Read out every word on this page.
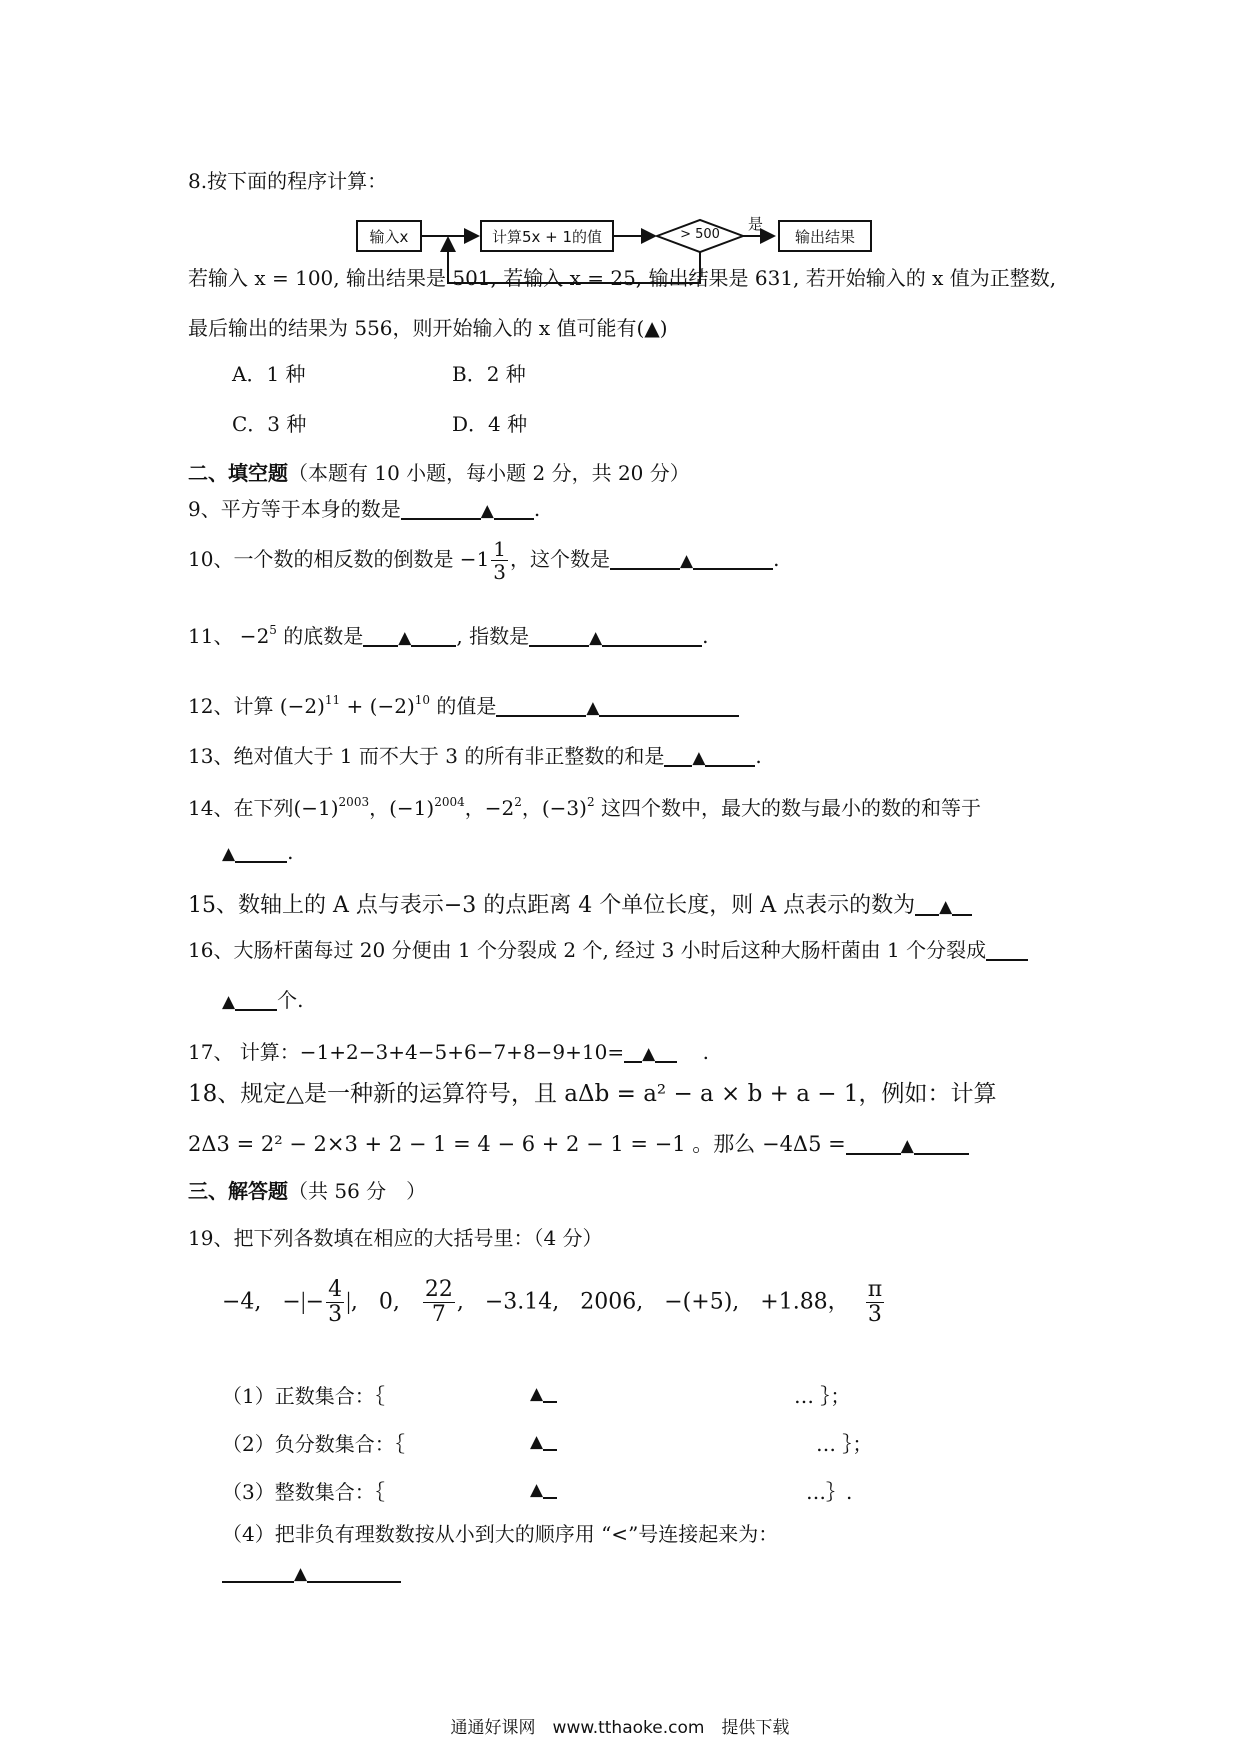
8.按下面的程序计算：
输入x	计算5x + 1的值	> 500
是
输出结果
若输入 x = 100, 输出结果是 501, 若输入 x = 25, 输出结果是 631, 若开始输入的 x 值为正整数,
最后输出的结果为 556，则开始输入的 x 值可能有(▲)
A．1 种	B．2 种
C．3 种	D．4 种
二、填空题（本题有 10 小题，每小题 2 分，共 20 分）
9、平方等于本身的数是	▲ .
10、一个数的相反数的倒数是 $-1 \frac{1}{3}$ ，这个数是	▲	.
11、 $-2^5$ 的底数是 ▲ , 指数是	▲	.
12、计算 $(-2)^{11} + (-2)^{10}$ 的值是	▲
13、绝对值大于 1 而不大于 3 的所有非正整数的和是 ▲	.
14、在下列$(-1)^{2003}$，$(-1)^{2004}$，$-2^2$，$(-3)^2$ 这四个数中，最大的数与最小的数的和等于
▲	.
15、数轴上的 A 点与表示−3 的点距离 4 个单位长度，则 A 点表示的数为 ▲
16、大肠杆菌每过 20 分便由 1 个分裂成 2 个, 经过 3 小时后这种大肠杆菌由 1 个分裂成
▲ 个.
17、 计算：−1+2−3+4−5+6−7+8−9+10= ▲ .
18、规定△是一种新的运算符号，且 aΔb = a² − a × b + a − 1，例如：计算
2Δ3 = 2² − 2×3 + 2 − 1 = 4 − 6 + 2 − 1 = −1 。那么 −4Δ5 =	▲
三、解答题（共 56 分　）
19、把下列各数填在相应的大括号里：（4 分）
−4, −|− $\frac{4}{3}$ |, 0, $\frac{22}{7}$ , −3.14, 2006, −(+5), +1.88， $\frac{\pi}{3}$
（1）正数集合：｛	▲	… ｝；
（2）负分数集合：｛	▲	… ｝；
（3）整数集合：｛	▲	…｝.
（4）把非负有理数数按从小到大的顺序用 “<”号连接起来为：
▲
通通好课网　www.tthaoke.com　提供下载
